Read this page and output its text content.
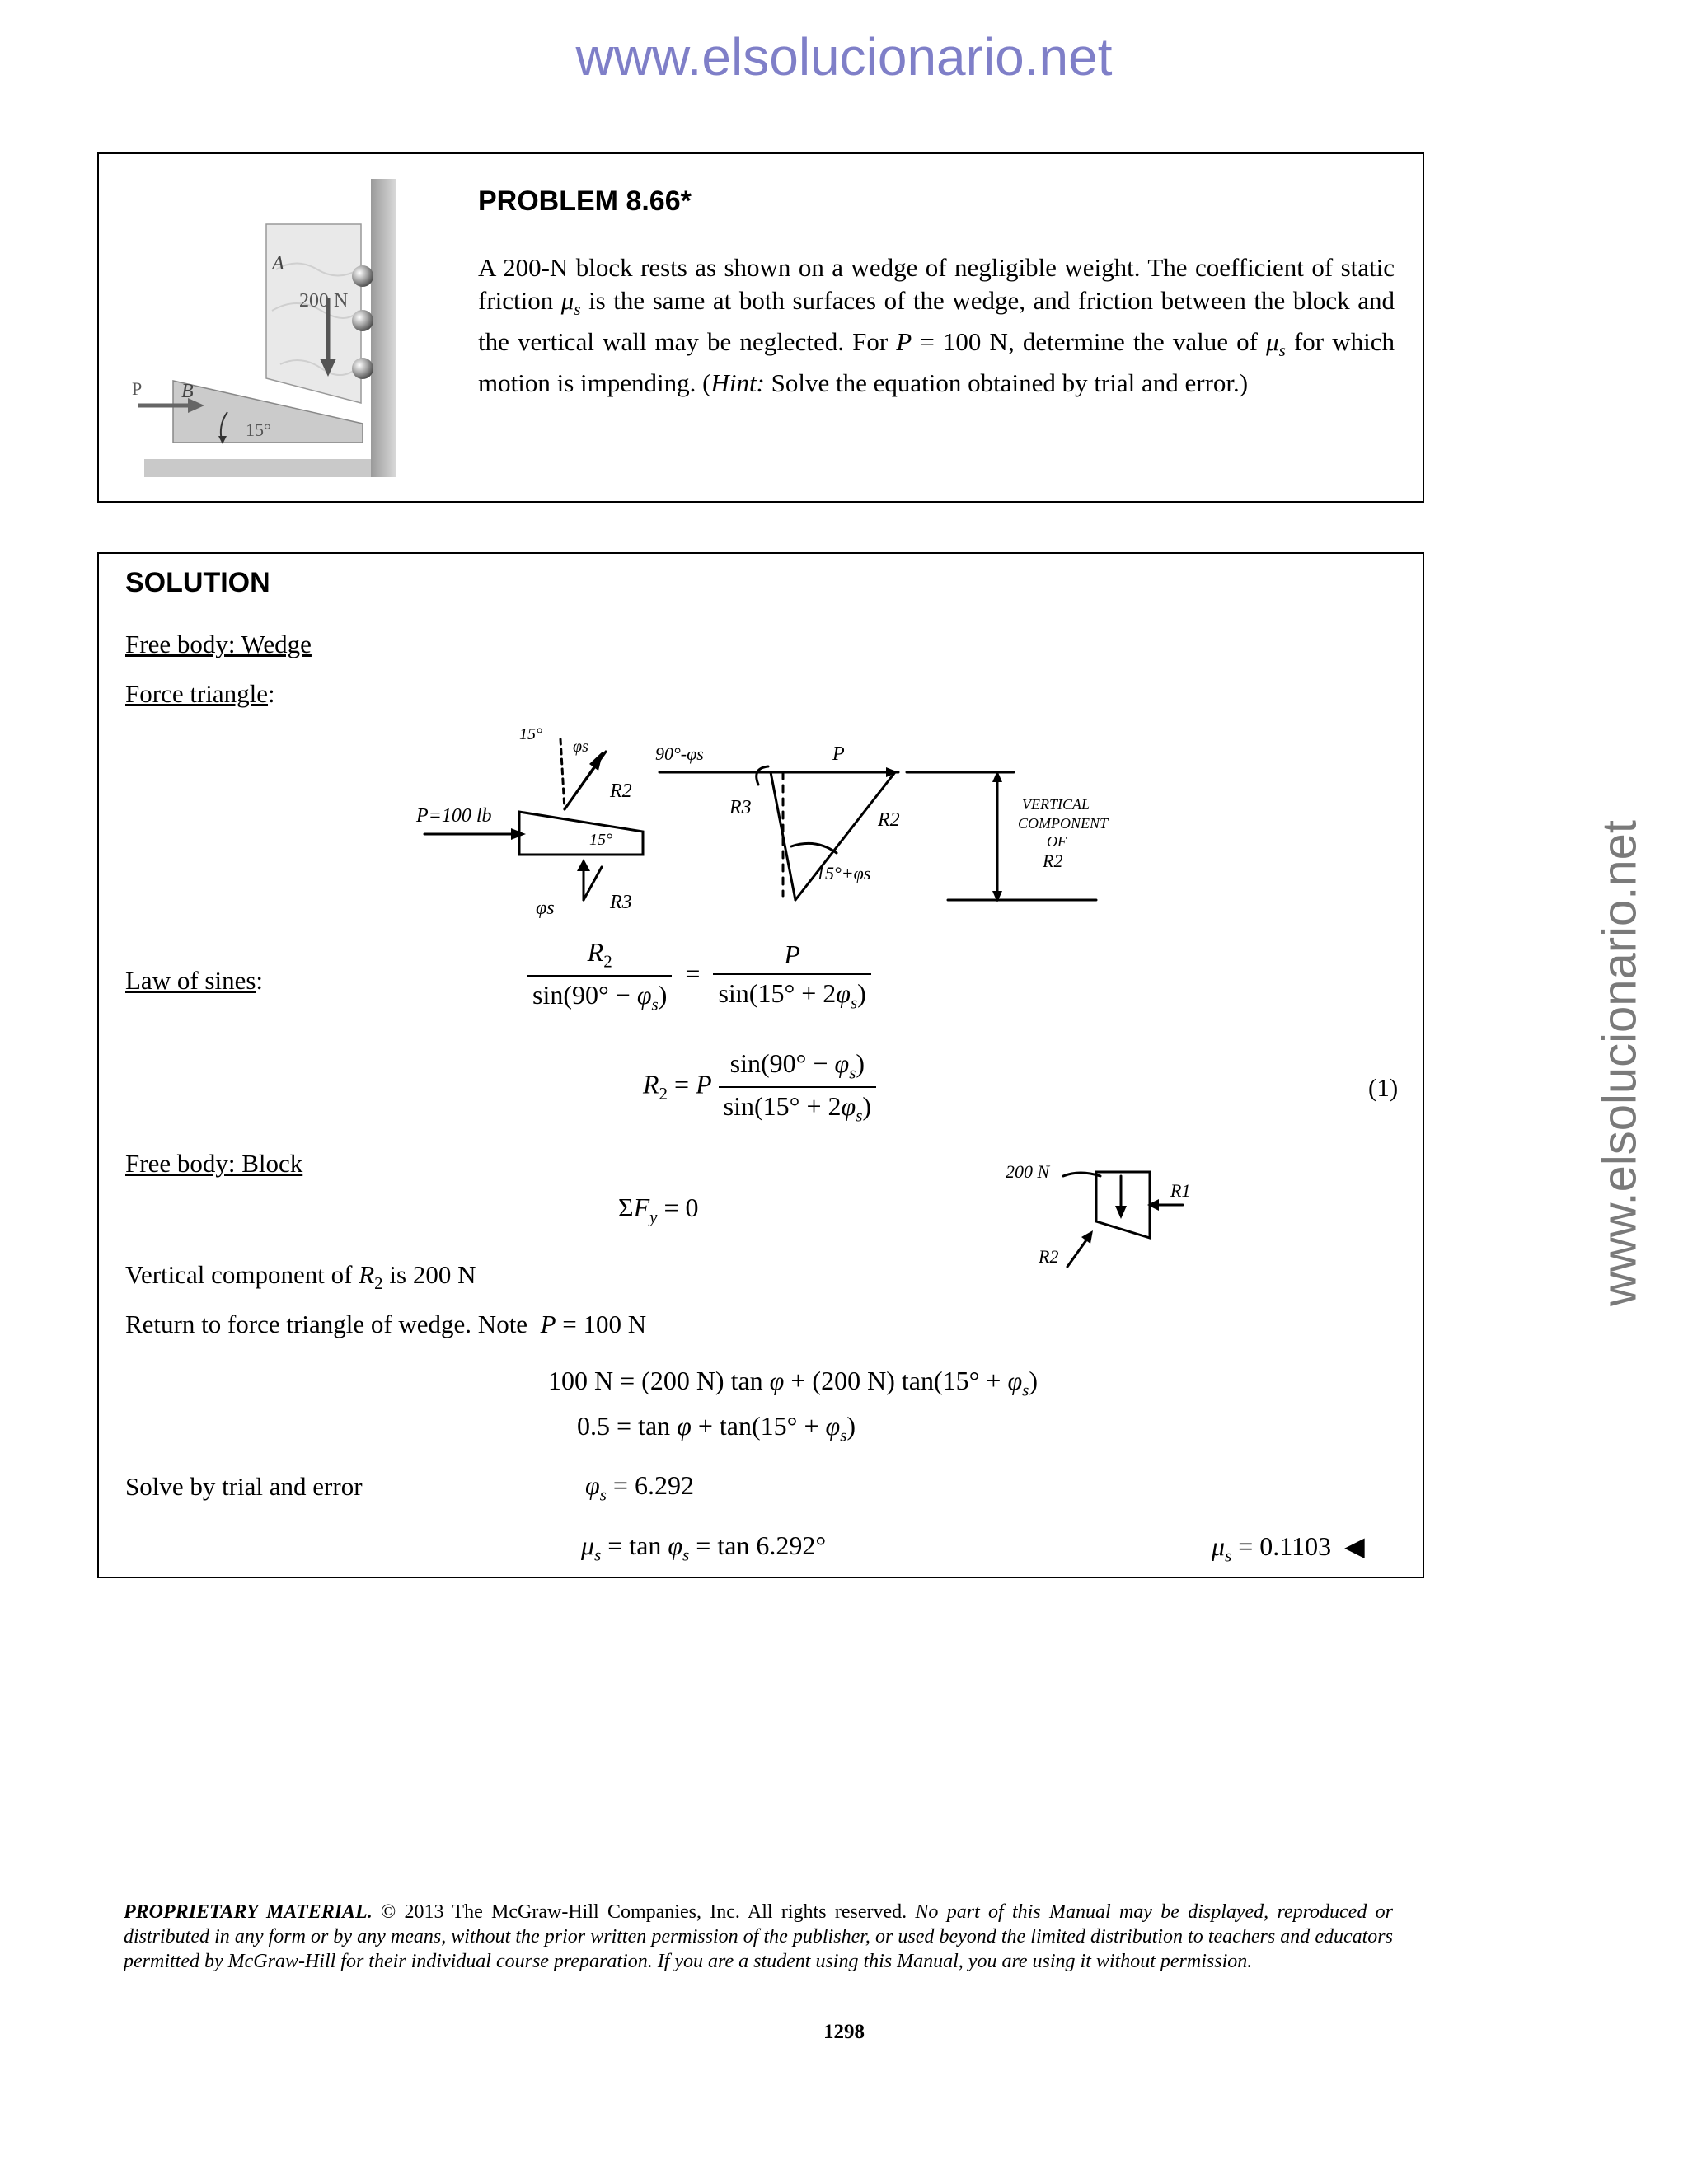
www.elsolucionario.net
www.elsolucionario.net
A
200 N
P B
15°
PROBLEM 8.66*
A 200-N block rests as shown on a wedge of negligible weight. The coefficient of static friction $\mu_s$ is the same at both surfaces of the wedge, and friction between the block and the vertical wall may be neglected. For P = 100 N, determine the value of $\mu_s$ for which motion is impending. (Hint: Solve the equation obtained by trial and error.)
SOLUTION
Free body: Wedge
Force triangle:
P=100 lb
15°
15°
φs
R2
φs	R3
90°-φs	P
R3
R2
15°+φs
VERTICAL
COMPONENT
OF
R2
Law of sines:	$\frac{R_2}{\sin(90^\circ - \varphi_s)} = \frac{P}{\sin(15^\circ + 2\varphi_s)}$
$R_2 = P \frac{\sin(90^\circ - \varphi_s)}{\sin(15^\circ + 2\varphi_s)}$	(1)
Free body: Block
$\Sigma F_y = 0$
200 N
R1
R2
Vertical component of $R_2$ is 200 N
Return to force triangle of wedge. Note  P = 100 N
100 N = (200 N) tan φ + (200 N) $\tan(15^\circ + \varphi_s)$
$0.5 = \tan \varphi + \tan(15^\circ + \varphi_s)$
Solve by trial and error	$\varphi_s = 6.292$
$\mu_s = \tan \varphi_s = \tan 6.292^\circ$	$\mu_s = 0.1103$  ◀
PROPRIETARY MATERIAL. © 2013 The McGraw-Hill Companies, Inc. All rights reserved. No part of this Manual may be displayed, reproduced or distributed in any form or by any means, without the prior written permission of the publisher, or used beyond the limited distribution to teachers and educators permitted by McGraw-Hill for their individual course preparation. If you are a student using this Manual, you are using it without permission.
1298
